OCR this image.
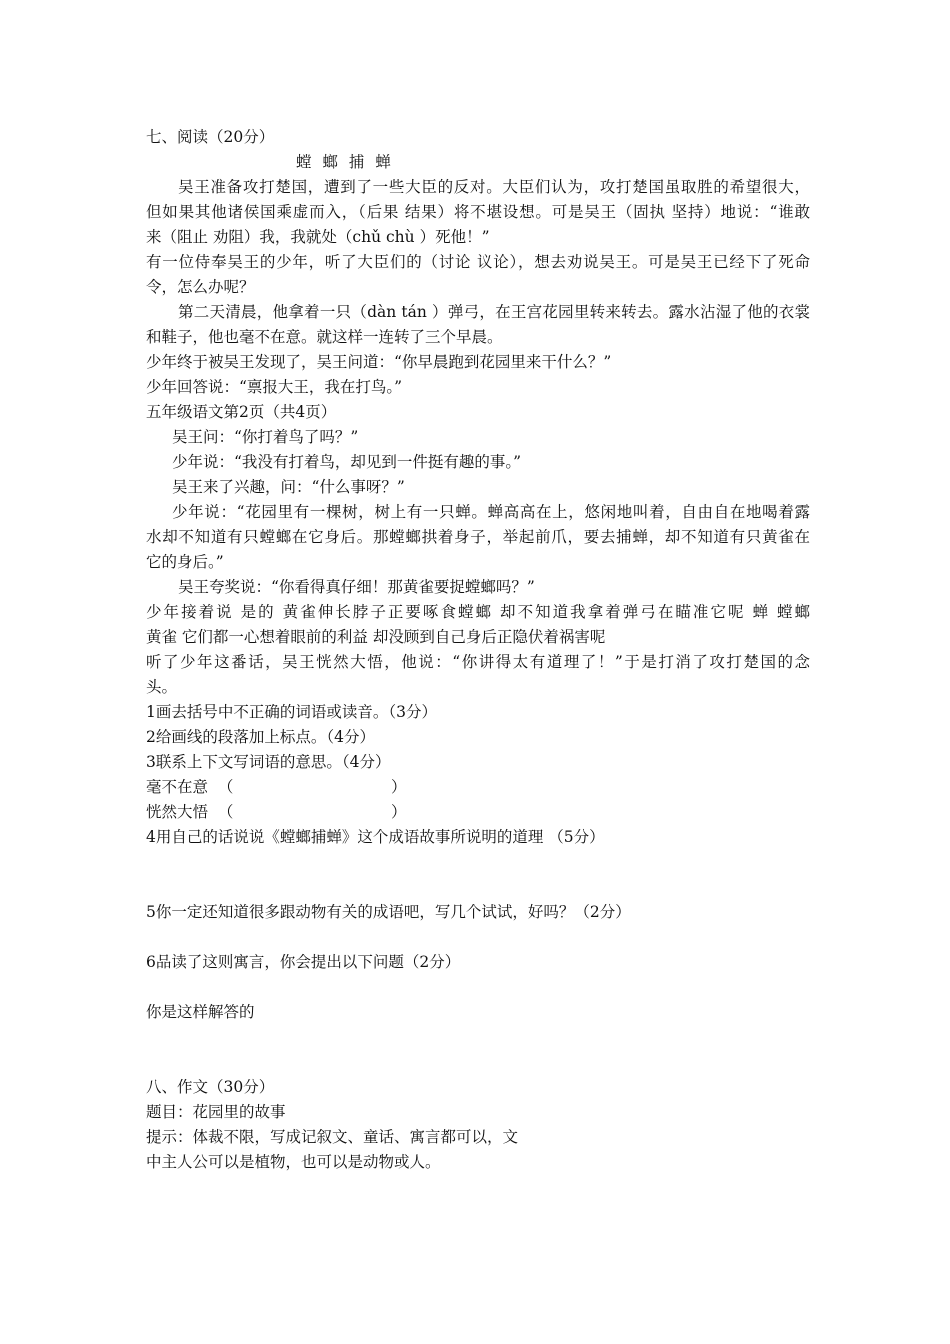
七、阅读（20分）
螳 螂 捕 蝉
吴王准备攻打楚国，遭到了一些大臣的反对。大臣们认为，攻打楚国虽取胜的希望很大，
但如果其他诸侯国乘虚而入，（后果 结果）将不堪设想。可是吴王（固执 坚持）地说：“谁敢
来（阻止 劝阻）我，我就处（chǔ chù ）死他！”
有一位侍奉吴王的少年，听了大臣们的（讨论 议论），想去劝说吴王。可是吴王已经下了死命
令，怎么办呢？
第二天清晨，他拿着一只（dàn tán ）弹弓，在王宫花园里转来转去。露水沾湿了他的衣裳
和鞋子，他也毫不在意。就这样一连转了三个早晨。
少年终于被吴王发现了，吴王问道：“你早晨跑到花园里来干什么？”
少年回答说：“禀报大王，我在打鸟。”
五年级语文第2页（共4页）
吴王问：“你打着鸟了吗？”
少年说：“我没有打着鸟，却见到一件挺有趣的事。”
吴王来了兴趣，问：“什么事呀？”
少年说：“花园里有一棵树，树上有一只蝉。蝉高高在上，悠闲地叫着，自由自在地喝着露
水却不知道有只螳螂在它身后。那螳螂拱着身子，举起前爪，要去捕蝉，却不知道有只黄雀在
它的身后。”
吴王夸奖说：“你看得真仔细！那黄雀要捉螳螂吗？”
少年接着说 是的 黄雀伸长脖子正要啄食螳螂 却不知道我拿着弹弓在瞄准它呢 蝉 螳螂
黄雀 它们都一心想着眼前的利益 却没顾到自己身后正隐伏着祸害呢
听了少年这番话，吴王恍然大悟，他说：“你讲得太有道理了！”于是打消了攻打楚国的念
头。
1画去括号中不正确的词语或读音。（3分）
2给画线的段落加上标点。（4分）
3联系上下文写词语的意思。（4分）
毫不在意  （                                ）
恍然大悟  （                                ）
4用自己的话说说《螳螂捕蝉》这个成语故事所说明的道理 （5分）
5你一定还知道很多跟动物有关的成语吧，写几个试试，好吗？（2分）
6品读了这则寓言，你会提出以下问题（2分）
你是这样解答的
八、作文（30分）
题目：花园里的故事
提示：体裁不限，写成记叙文、童话、寓言都可以，文
中主人公可以是植物，也可以是动物或人。
